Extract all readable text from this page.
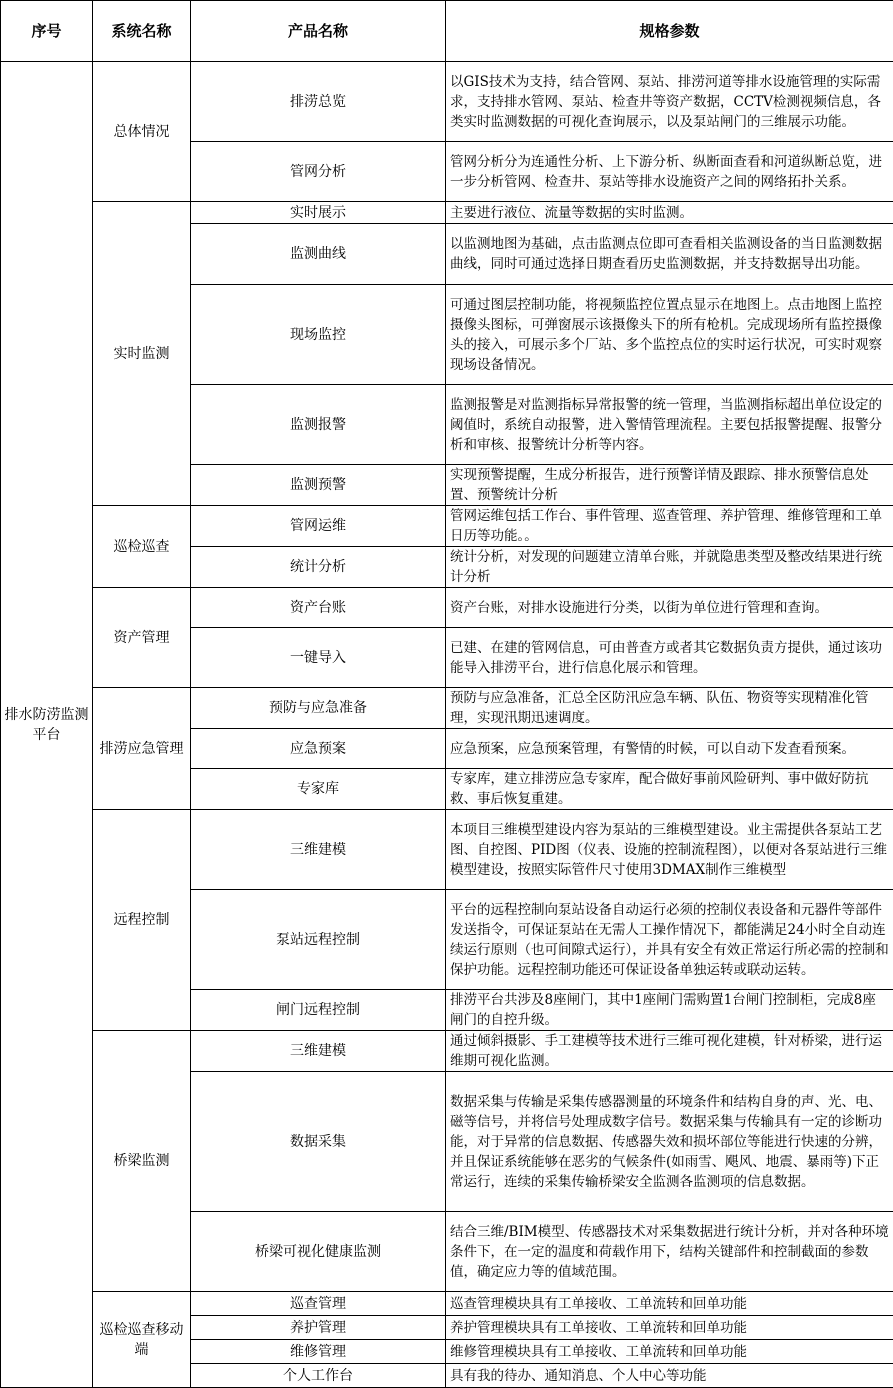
序号	系统名称	产品名称	规格参数
排水防涝监测平台	总体情况	排涝总览	以GIS技术为支持，结合管网、泵站、排涝河道等排水设施管理的实际需求，支持排水管网、泵站、检查井等资产数据，CCTV检测视频信息，各类实时监测数据的可视化查询展示，以及泵站闸门的三维展示功能。
		管网分析	管网分析分为连通性分析、上下游分析、纵断面查看和河道纵断总览，进一步分析管网、检查井、泵站等排水设施资产之间的网络拓扑关系。
	实时监测	实时展示	主要进行液位、流量等数据的实时监测。
		监测曲线	以监测地图为基础，点击监测点位即可查看相关监测设备的当日监测数据曲线，同时可通过选择日期查看历史监测数据，并支持数据导出功能。
		现场监控	可通过图层控制功能，将视频监控位置点显示在地图上。点击地图上监控摄像头图标，可弹窗展示该摄像头下的所有枪机。完成现场所有监控摄像头的接入，可展示多个厂站、多个监控点位的实时运行状况，可实时观察现场设备情况。
		监测报警	监测报警是对监测指标异常报警的统一管理，当监测指标超出单位设定的阈值时，系统自动报警，进入警情管理流程。主要包括报警提醒、报警分析和审核、报警统计分析等内容。
		监测预警	实现预警提醒，生成分析报告，进行预警详情及跟踪、排水预警信息处置、预警统计分析
	巡检巡查	管网运维	管网运维包括工作台、事件管理、巡查管理、养护管理、维修管理和工单日历等功能。。
		统计分析	统计分析，对发现的问题建立清单台账，并就隐患类型及整改结果进行统计分析
	资产管理	资产台账	资产台账，对排水设施进行分类，以街为单位进行管理和查询。
		一键导入	已建、在建的管网信息，可由普查方或者其它数据负责方提供，通过该功能导入排涝平台，进行信息化展示和管理。
	排涝应急管理	预防与应急准备	预防与应急准备，汇总全区防汛应急车辆、队伍、物资等实现精准化管理，实现汛期迅速调度。
		应急预案	应急预案，应急预案管理，有警情的时候，可以自动下发查看预案。
		专家库	专家库，建立排涝应急专家库，配合做好事前风险研判、事中做好防抗救、事后恢复重建。
	远程控制	三维建模	本项目三维模型建设内容为泵站的三维模型建设。业主需提供各泵站工艺图、自控图、PID图（仪表、设施的控制流程图），以便对各泵站进行三维模型建设，按照实际管件尺寸使用3DMAX制作三维模型
		泵站远程控制	平台的远程控制向泵站设备自动运行必须的控制仪表设备和元器件等部件发送指令，可保证泵站在无需人工操作情况下，都能满足24小时全自动连续运行原则（也可间隙式运行），并具有安全有效正常运行所必需的控制和保护功能。远程控制功能还可保证设备单独运转或联动运转。
		闸门远程控制	排涝平台共涉及8座闸门，其中1座闸门需购置1台闸门控制柜，完成8座闸门的自控升级。
	桥梁监测	三维建模	通过倾斜摄影、手工建模等技术进行三维可视化建模，针对桥梁，进行运维期可视化监测。
		数据采集	数据采集与传输是采集传感器测量的环境条件和结构自身的声、光、电、磁等信号，并将信号处理成数字信号。数据采集与传输具有一定的诊断功能，对于异常的信息数据、传感器失效和损坏部位等能进行快速的分辨，并且保证系统能够在恶劣的气候条件(如雨雪、飓风、地震、暴雨等)下正常运行，连续的采集传输桥梁安全监测各监测项的信息数据。
		桥梁可视化健康监测	结合三维/BIM模型、传感器技术对采集数据进行统计分析，并对各种环境条件下，在一定的温度和荷载作用下，结构关键部件和控制截面的参数值，确定应力等的值域范围。
	巡检巡查移动端	巡查管理	巡查管理模块具有工单接收、工单流转和回单功能
		养护管理	养护管理模块具有工单接收、工单流转和回单功能
		维修管理	维修管理模块具有工单接收、工单流转和回单功能
		个人工作台	具有我的待办、通知消息、个人中心等功能
